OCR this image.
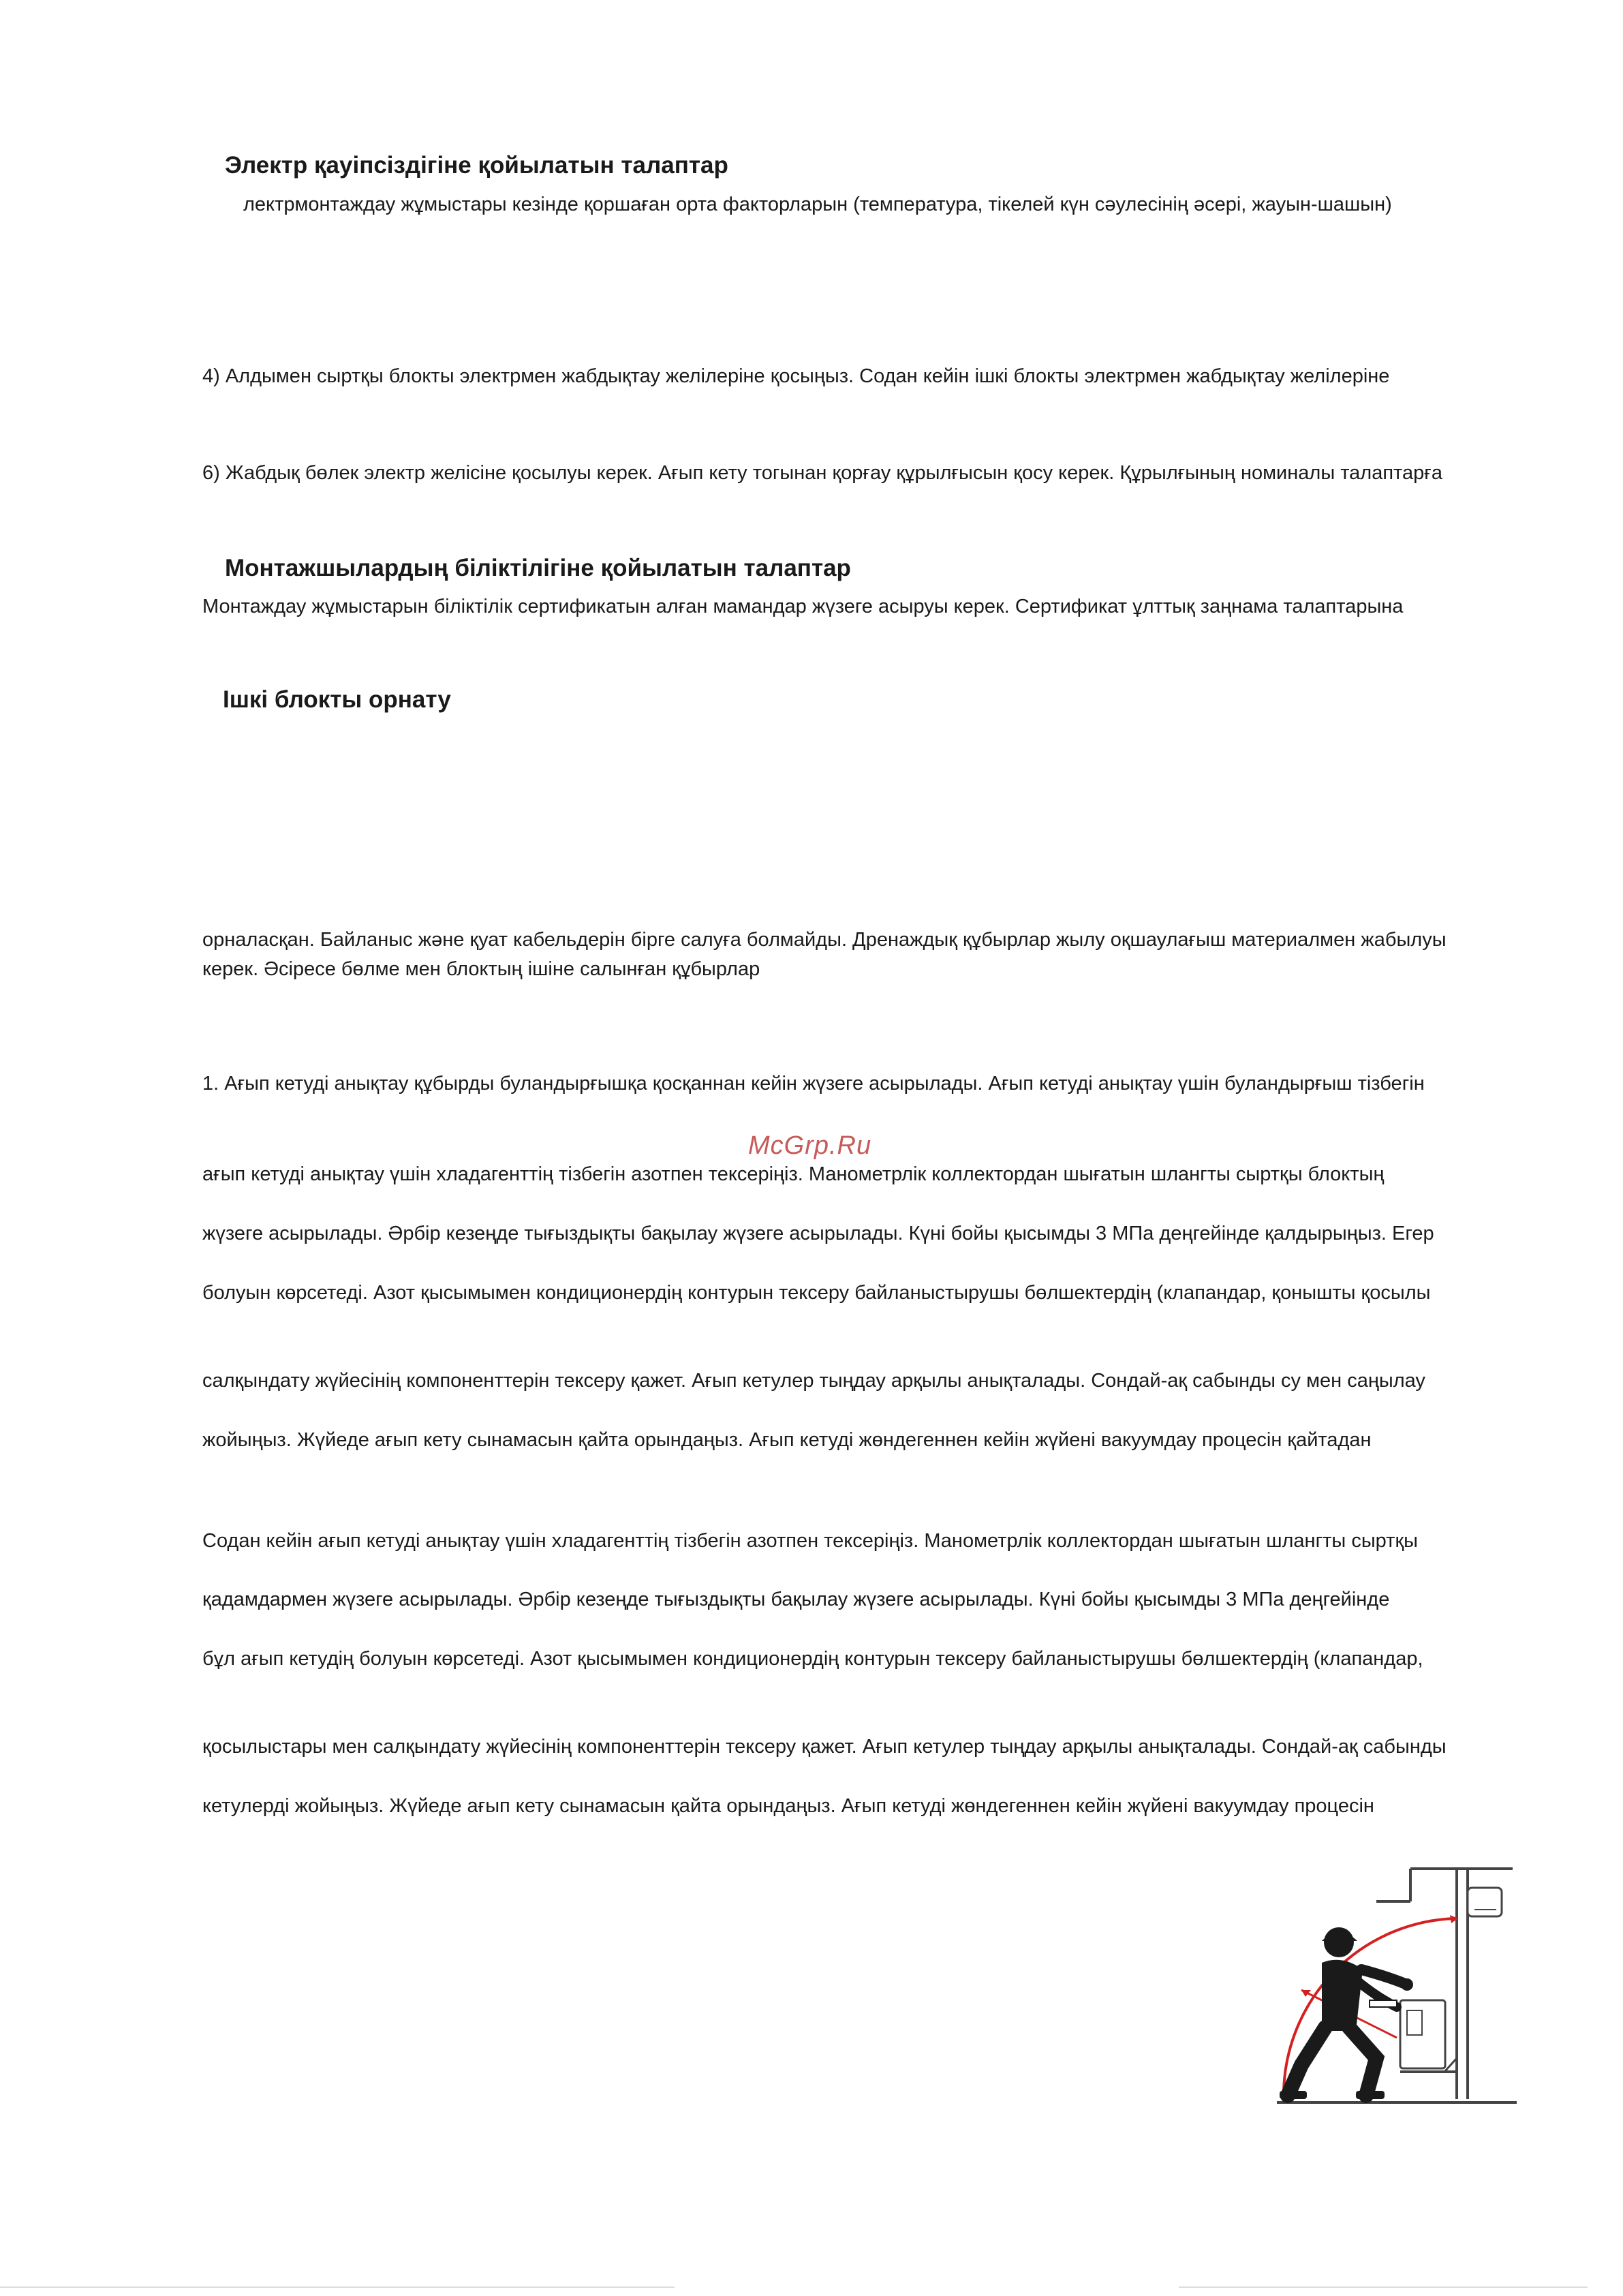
Электр қауіпсіздігіне қойылатын талаптар
лектрмонтаждау жұмыстары кезінде қоршаған орта факторларын (температура, тікелей күн сәулесінің әсері, жауын-шашын)
4) Алдымен сыртқы блокты электрмен жабдықтау желілеріне қосыңыз. Содан кейін ішкі блокты электрмен жабдықтау желілеріне
6) Жабдық бөлек электр желісіне қосылуы керек. Ағып кету тогынан қорғау құрылғысын қосу керек. Құрылғының номиналы талаптарға
Монтажшылардың біліктілігіне қойылатын талаптар
Монтаждау жұмыстарын біліктілік сертификатын алған мамандар жүзеге асыруы керек. Сертификат ұлттық заңнама талаптарына
Ішкі блокты орнату
орналасқан. Байланыс және қуат кабельдерін бірге салуға болмайды. Дренаждық құбырлар жылу оқшаулағыш материалмен жабылуы
керек. Әсіресе бөлме мен блоктың ішіне салынған құбырлар
1. Ағып кетуді анықтау құбырды буландырғышқа қосқаннан кейін жүзеге асырылады. Ағып кетуді анықтау үшін буландырғыш тізбегін
McGrp.Ru
ағып кетуді анықтау үшін хладагенттің тізбегін азотпен тексеріңіз. Манометрлік коллектордан шығатын шлангты сыртқы блоктың
жүзеге асырылады. Әрбір кезеңде тығыздықты бақылау жүзеге асырылады. Күні бойы қысымды 3 МПа деңгейінде қалдырыңыз. Егер
болуын көрсетеді. Азот қысымымен кондиционердің контурын тексеру байланыстырушы бөлшектердің (клапандар, қонышты қосылы
салқындату жүйесінің компоненттерін тексеру қажет. Ағып кетулер тыңдау арқылы анықталады. Сондай-ақ сабынды су мен саңылау
жойыңыз. Жүйеде ағып кету сынамасын қайта орындаңыз. Ағып кетуді жөндегеннен кейін жүйені вакуумдау процесін қайтадан
Содан кейін ағып кетуді анықтау үшін хладагенттің тізбегін азотпен тексеріңіз. Манометрлік коллектордан шығатын шлангты сыртқы
қадамдармен жүзеге асырылады. Әрбір кезеңде тығыздықты бақылау жүзеге асырылады. Күні бойы қысымды 3 МПа деңгейінде
бұл ағып кетудің болуын көрсетеді. Азот қысымымен кондиционердің контурын тексеру байланыстырушы бөлшектердің (клапандар,
қосылыстары мен салқындату жүйесінің компоненттерін тексеру қажет. Ағып кетулер тыңдау арқылы анықталады. Сондай-ақ сабынды
кетулерді жойыңыз. Жүйеде ағып кету сынамасын қайта орындаңыз. Ағып кетуді жөндегеннен кейін жүйені вакуумдау процесін
